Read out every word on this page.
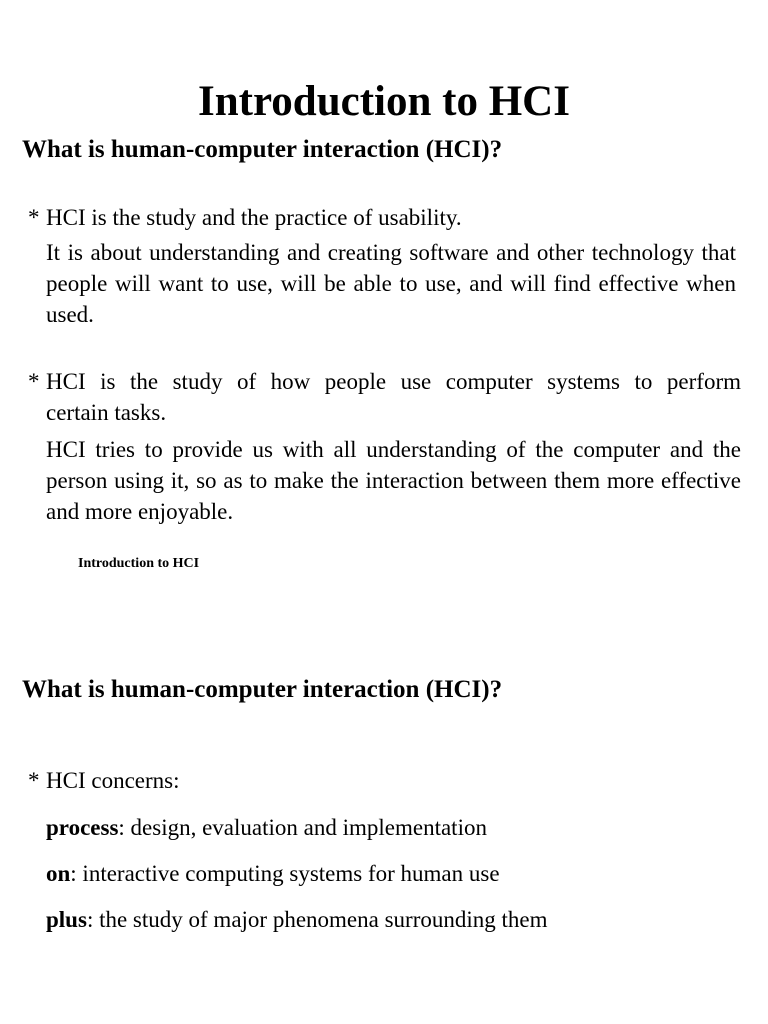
Introduction to HCI
What is human-computer interaction (HCI)?
* HCI is the study and the practice of usability.
It is about understanding and creating software and other technology that people will want to use, will be able to use, and will find effective when used.
* HCI is the study of how people use computer systems to perform
certain tasks.
HCI tries to provide us with all understanding of the computer and the person using it, so as to make the interaction between them more effective and more enjoyable.
Introduction to HCI
What is human-computer interaction (HCI)?
* HCI concerns:
process: design, evaluation and implementation
on: interactive computing systems for human use
plus: the study of major phenomena surrounding them
